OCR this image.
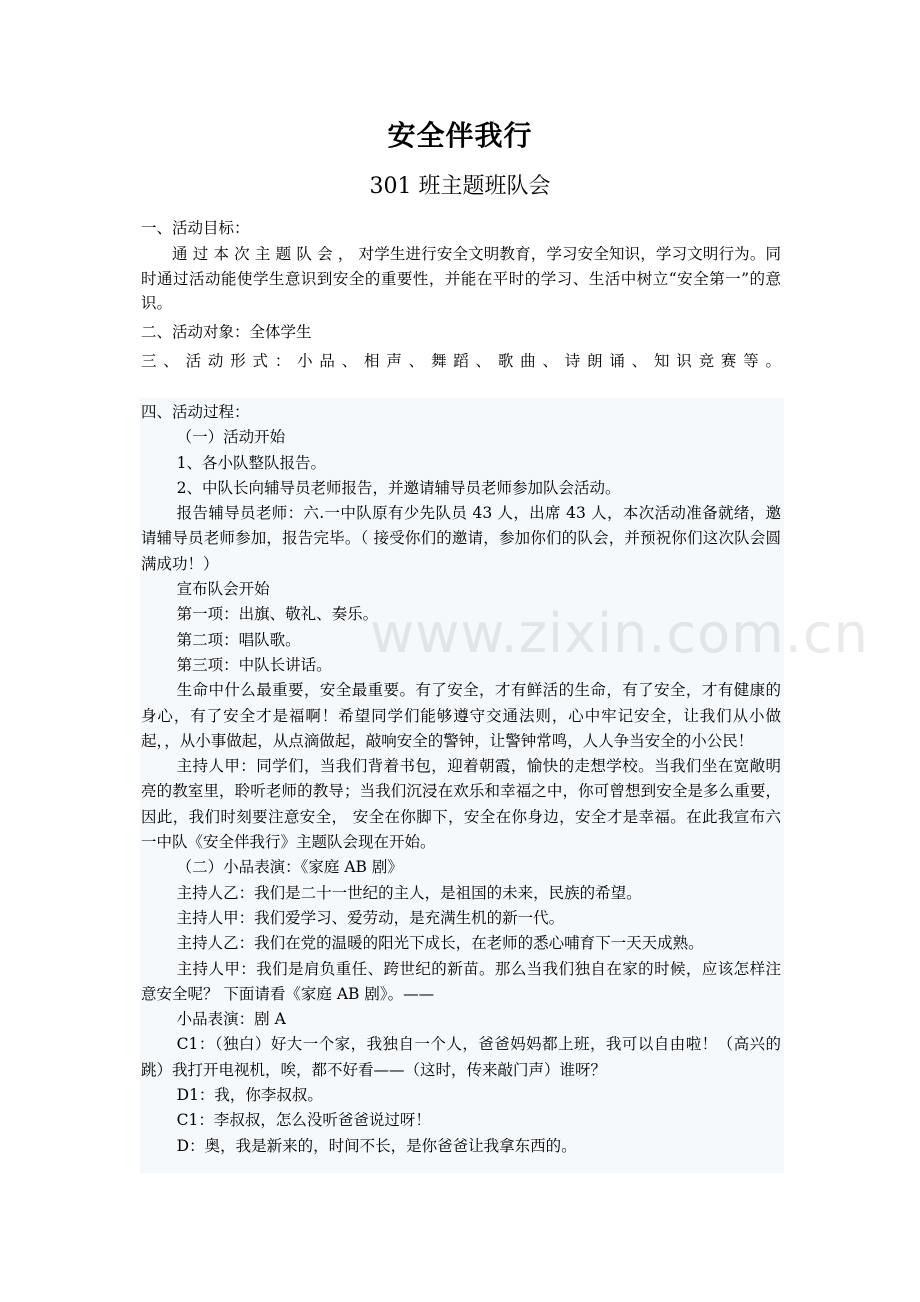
www.zixin.com.cn
安全伴我行
301 班主题班队会
一、活动目标：

通 过 本 次 主 题 队 会 ， 对学生进行安全文明教育，学习安全知识，学习文明行为。同时通过活动能使学生意识到安全的重要性，并能在平时的学习、生活中树立“安全第一”的意识。

二、活动对象：全体学生
三、活动形式：小品、相声、舞蹈、歌曲、诗朗诵、知识竞赛等。

四、活动过程：

（一）活动开始

1、各小队整队报告。

2、中队长向辅导员老师报告，并邀请辅导员老师参加队会活动。

报告辅导员老师：六.一中队原有少先队员 43 人，出席 43 人，本次活动准备就绪，邀请辅导员老师参加，报告完毕。（ 接受你们的邀请，参加你们的队会，并预祝你们这次队会圆满成功！）

宣布队会开始

第一项：出旗、敬礼、奏乐。

第二项：唱队歌。

第三项：中队长讲话。

生命中什么最重要，安全最重要。有了安全，才有鲜活的生命，有了安全，才有健康的身心，有了安全才是福啊！希望同学们能够遵守交通法则，心中牢记安全，让我们从小做起，，从小事做起，从点滴做起，敲响安全的警钟，让警钟常鸣，人人争当安全的小公民！

主持人甲：同学们，当我们背着书包，迎着朝霞，愉快的走想学校。当我们坐在宽敞明亮的教室里，聆听老师的教导；当我们沉浸在欢乐和幸福之中，你可曾想到安全是多么重要，因此，我们时刻要注意安全， 安全在你脚下，安全在你身边，安全才是幸福。在此我宣布六一中队《安全伴我行》主题队会现在开始。

（二）小品表演：《家庭 AB 剧》

主持人乙：我们是二十一世纪的主人，是祖国的未来，民族的希望。

主持人甲：我们爱学习、爱劳动，是充满生机的新一代。

主持人乙：我们在党的温暖的阳光下成长，在老师的悉心哺育下一天天成熟。

主持人甲：我们是肩负重任、跨世纪的新苗。那么当我们独自在家的时候，应该怎样注意安全呢？ 下面请看《家庭 AB 剧》。——

小品表演：剧 A

C1：（独白）好大一个家，我独自一个人，爸爸妈妈都上班，我可以自由啦！（高兴的跳）我打开电视机，唉，都不好看——（这时，传来敲门声）谁呀？

D1：我，你李叔叔。

C1：李叔叔，怎么没听爸爸说过呀！

D：奥，我是新来的，时间不长，是你爸爸让我拿东西的。
